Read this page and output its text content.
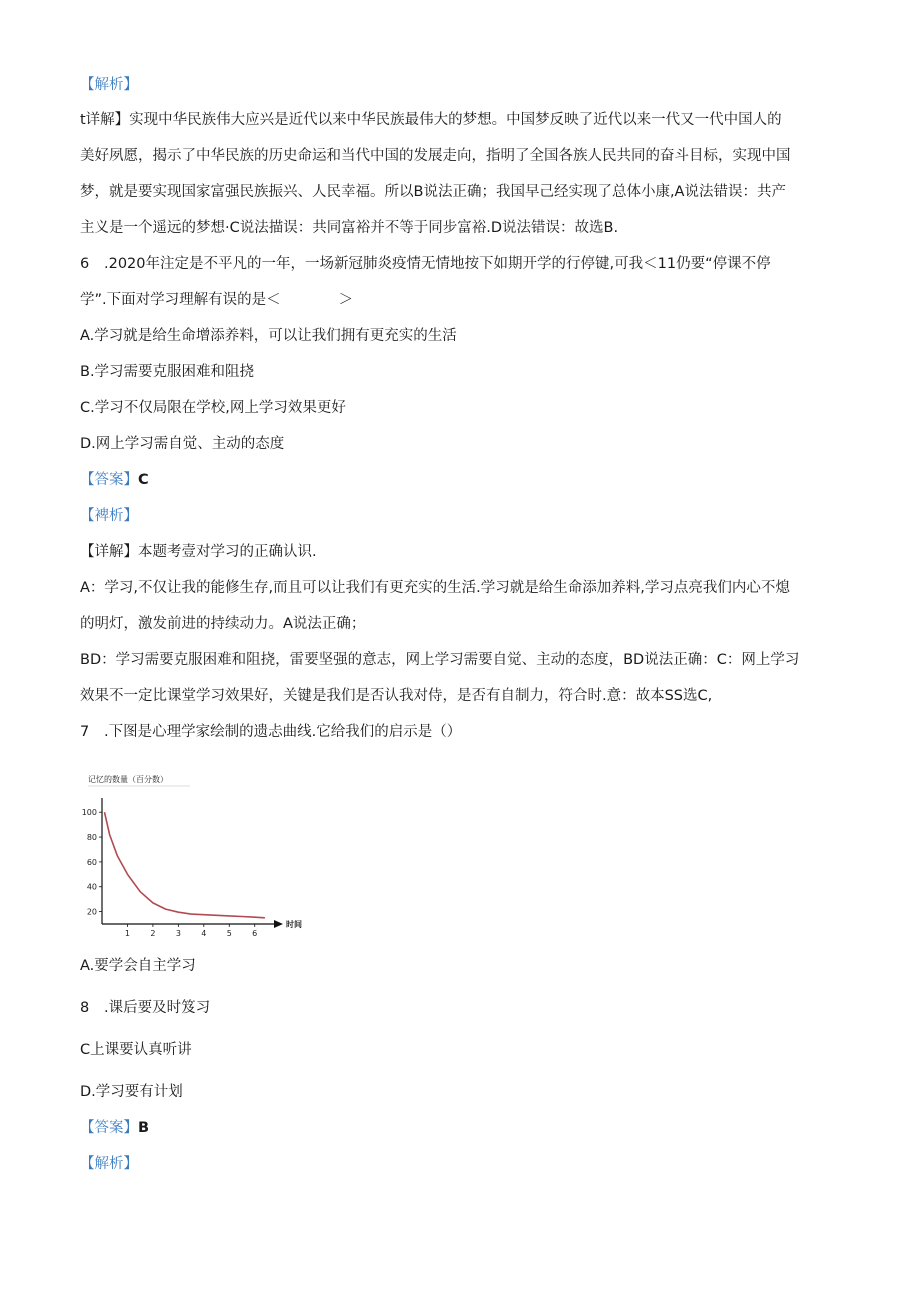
【解析】
t详解】实现中华民族伟大应兴是近代以来中华民族最伟大的梦想。中国梦反映了近代以来一代又一代中国人的
美好夙愿，揭示了中华民族的历史命运和当代中国的发展走向，指明了全国各族人民共同的奋斗目标，实现中国
梦，就是要实现国家富强民族振兴、人民幸福。所以B说法正确；我国早己经实现了总体小康,A说法错误：共产
主义是一个遥远的梦想·C说法描误：共同富裕并不等于同步富裕.D说法错误：故选B.
6 .2020年注定是不平凡的一年，一场新冠肺炎疫情无情地按下如期开学的行停键,可我＜11仍要“停课不停
学”.下面对学习理解有误的是＜　　　　＞
A.学习就是给生命增添养料，可以让我们拥有更充实的生活
B.学习需要克服困难和阻挠
C.学习不仅局限在学校,网上学习效果更好
D.网上学习需自觉、主动的态度
【答案】C
【裨析】
【详解】本题考壹对学习的正确认识.
A：学习,不仅让我的能修生存,而且可以让我们有更充实的生活.学习就是给生命添加养料,学习点亮我们内心不熄
的明灯，激发前进的持续动力。A说法正确；
BD：学习需要克服困难和阻挠，雷要坚强的意志，网上学习需要自觉、主动的态度，BD说法正确：C：网上学习
效果不一定比课堂学习效果好，关键是我们是否认我对侍，是否有自制力，符合时.意：故本SS选C,
7 .下图是心理学家绘制的遗忐曲线.它给我们的启示是（）
记忆的数量（百分数）
100
80
60
40
20
1	2	3	4	5	6
时间
A.要学会自主学习
8 .课后要及时笈习
C上课要认真听讲
D.学习要有计划
【答案】B
【解析】
